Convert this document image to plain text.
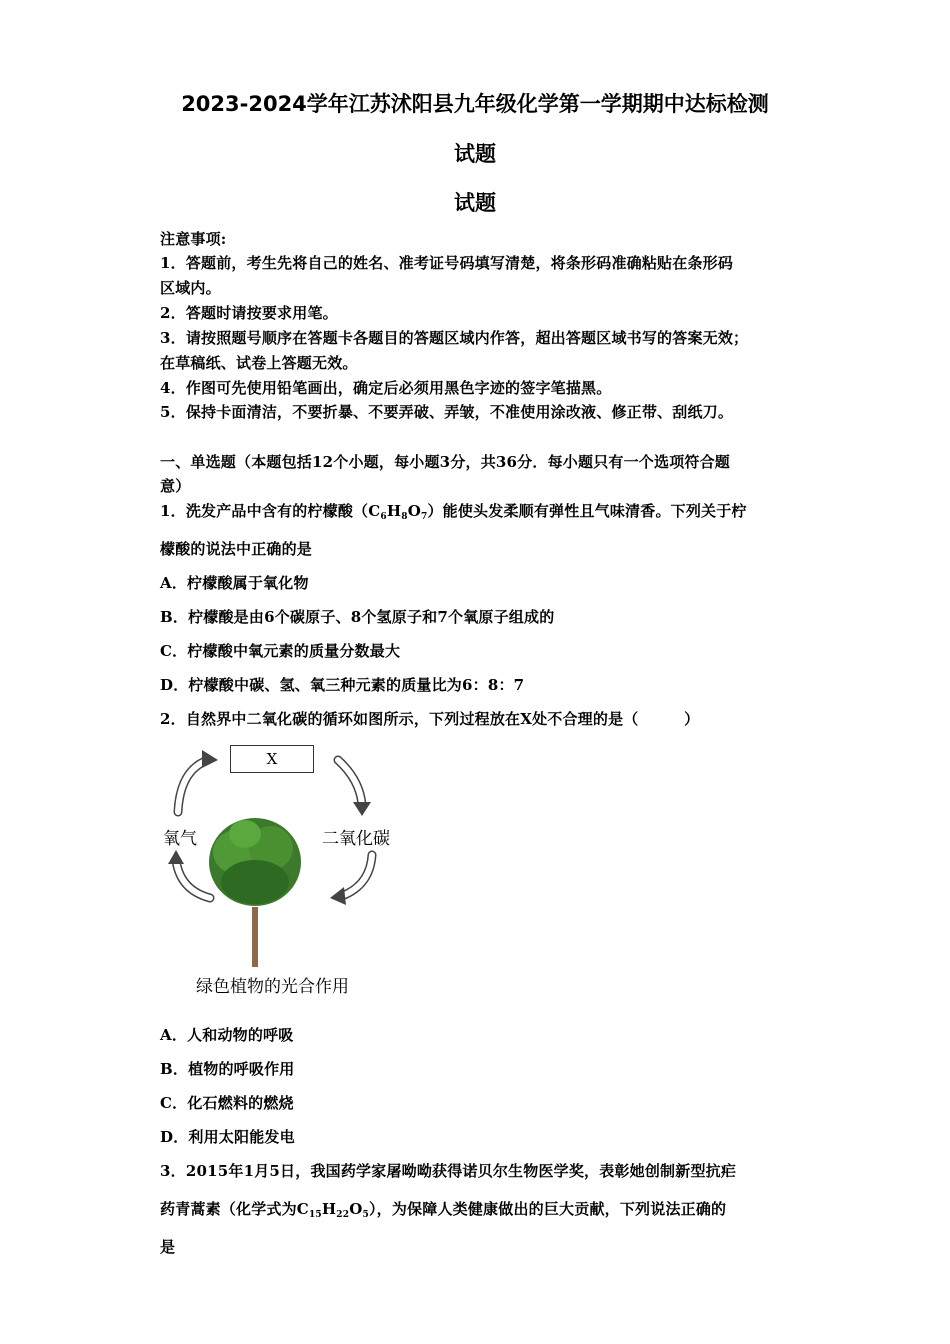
2023-2024学年江苏沭阳县九年级化学第一学期期中达标检测
试题
试题
注意事项:
1．答题前，考生先将自己的姓名、准考证号码填写清楚，将条形码准确粘贴在条形码
区域内。
2．答题时请按要求用笔。
3．请按照题号顺序在答题卡各题目的答题区域内作答，超出答题区域书写的答案无效；
在草稿纸、试卷上答题无效。
4．作图可先使用铅笔画出，确定后必须用黑色字迹的签字笔描黑。
5．保持卡面清洁，不要折暴、不要弄破、弄皱，不准使用涂改液、修正带、刮纸刀。
一、单选题（本题包括12个小题，每小题3分，共36分．每小题只有一个选项符合题
意）
1．洗发产品中含有的柠檬酸$(C_6H_8O_7)$能使头发柔顺有弹性且气味清香。下列关于柠
檬酸的说法中正确的是
A．柠檬酸属于氧化物
B．柠檬酸是由6个碳原子、8个氢原子和7个氧原子组成的
C．柠檬酸中氧元素的质量分数最大
D．柠檬酸中碳、氢、氧三种元素的质量比为6：8：7
2．自然界中二氧化碳的循环如图所示，下列过程放在X处不合理的是（　　　）
X
氧气	二氧化碳
绿色植物的光合作用
A．人和动物的呼吸
B．植物的呼吸作用
C．化石燃料的燃烧
D．利用太阳能发电
3．2015年1月5日，我国药学家屠呦呦获得诺贝尔生物医学奖，表彰她创制新型抗疟
药青蒿素（化学式为$C_{15}H_{22}O_5$），为保障人类健康做出的巨大贡献，下列说法正确的
是
